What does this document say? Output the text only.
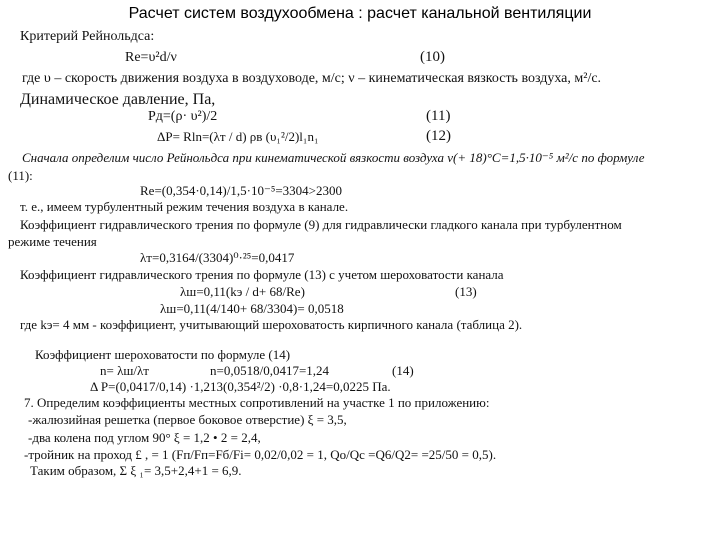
Расчет систем воздухообмена : расчет канальной вентиляции
Критерий Рейнольдса:
Re=υ²d/ν	(10)
где υ – скорость движения воздуха в воздуховоде, м/с; ν – кинематическая вязкость воздуха, м²/с.
Динамическое давление, Па,
Pд=(ρ· υ²)/2	(11)
ΔP= Rln=(λт / d) ρв (υ₁²/2)l₁n₁	(12)
Сначала определим число Рейнольдса при кинематической вязкости воздуха ν(+ 18)°С=1,5·10⁻⁵ м²/с по формуле
(11):
Re=(0,354·0,14)/1,5·10⁻⁵=3304>2300
т. е., имеем турбулентный режим течения воздуха в канале.
Коэффициент гидравлического трения по формуле (9) для гидравлически гладкого канала при турбулентном
режиме течения
λт=0,3164/(3304)⁰·²⁵=0,0417
Коэффициент гидравлического трения по формуле (13) с учетом шероховатости канала
λш=0,11(kэ / d+ 68/Re)	(13)
λш=0,11(4/140+ 68/3304)= 0,0518
где kэ= 4 мм - коэффициент, учитывающий шероховатость кирпичного канала (таблица 2).
Коэффициент шероховатости по формуле (14)
n= λш/λт	n=0,0518/0,0417=1,24	(14)
Δ P=(0,0417/0,14) ·1,213(0,354²/2) ·0,8·1,24=0,0225 Па.
7. Определим коэффициенты местных сопротивлений на участке 1 по приложению:
-жалюзийная решетка (первое боковое отверстие) ξ = 3,5,
-два колена под углом 90° ξ = 1,2 • 2 = 2,4,
-тройник на проход £ , = 1 (Fп/Fп=Fб/Fi= 0,02/0,02 = 1, Qо/Qс =Q6/Q2= =25/50 = 0,5).
Таким образом, Σ ξ ₁= 3,5+2,4+1 = 6,9.
